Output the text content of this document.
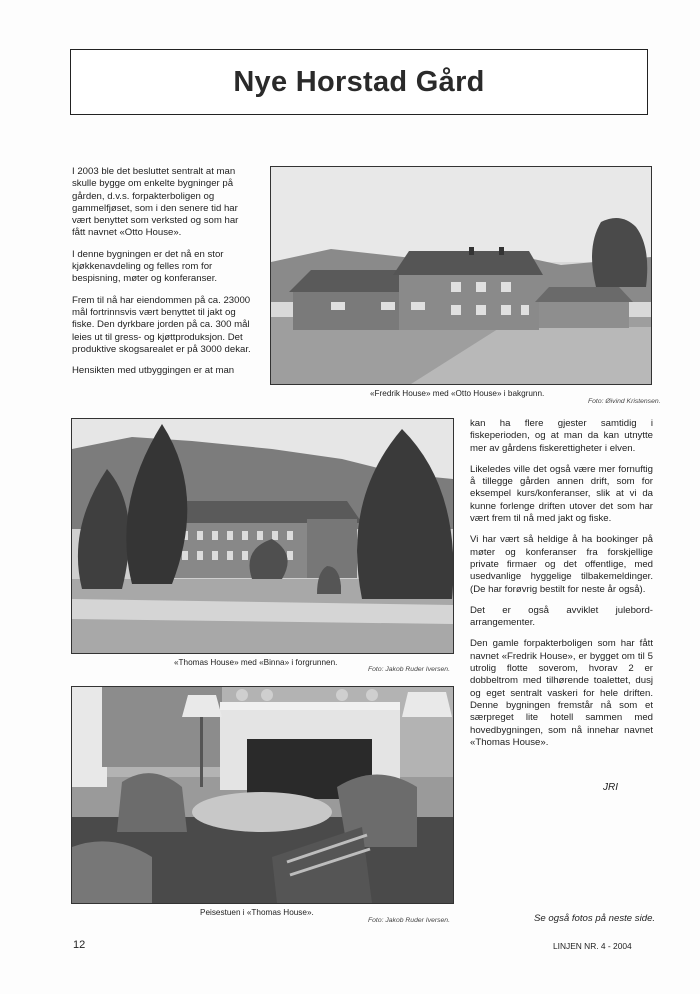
Nye Horstad Gård

I 2003 ble det besluttet sentralt at man skulle bygge om enkelte bygninger på gården, d.v.s. forpakterboligen og gammelfjøset, som i den senere tid har vært benyttet som verksted og som har fått navnet «Otto House».

I denne bygningen er det nå en stor kjøkkenavdeling og felles rom for bespisning, møter og konferanser.

Frem til nå har eiendommen på ca. 23000 mål fortrinnsvis vært benyttet til jakt og fiske. Den dyrkbare jorden på ca. 300 mål leies ut til gress- og kjøttproduksjon. Det produktive skogsarealet er på 3000 dekar.

Hensikten med utbyggingen er at man

«Fredrik House» med «Otto House» i bakgrunn.
Foto: Øivind Kristensen.
«Thomas House» med «Binna» i forgrunnen.
Foto: Jakob Ruder Iversen.

kan ha flere gjester samtidig i fiskeperioden, og at man da kan utnytte mer av gårdens fiskerettigheter i elven.

Likeledes ville det også være mer fornuftig å tillegge gården annen drift, som for eksempel kurs/konferanser, slik at vi da kunne forlenge driften utover det som har vært frem til nå med jakt og fiske.

Vi har vært så heldige å ha bookinger på møter og konferanser fra forskjellige private firmaer og det offentlige, med usedvanlige hyggelige tilbakemeldinger. (De har forøvrig bestilt for neste år også).

Det er også avviklet julebord-arrangementer.

Den gamle forpakterboligen som har fått navnet «Fredrik House», er bygget om til 5 utrolig flotte soverom, hvorav 2 er dobbeltrom med tilhørende toalettet, dusj og eget sentralt vaskeri for hele driften. Denne bygningen fremstår nå som et særpreget lite hotell sammen med hovedbygningen, som nå innehar navnet «Thomas House».

JRI
Peisestuen i «Thomas House».
Foto: Jakob Ruder Iversen.	Se også fotos på neste side.
12	LINJEN NR. 4 - 2004
